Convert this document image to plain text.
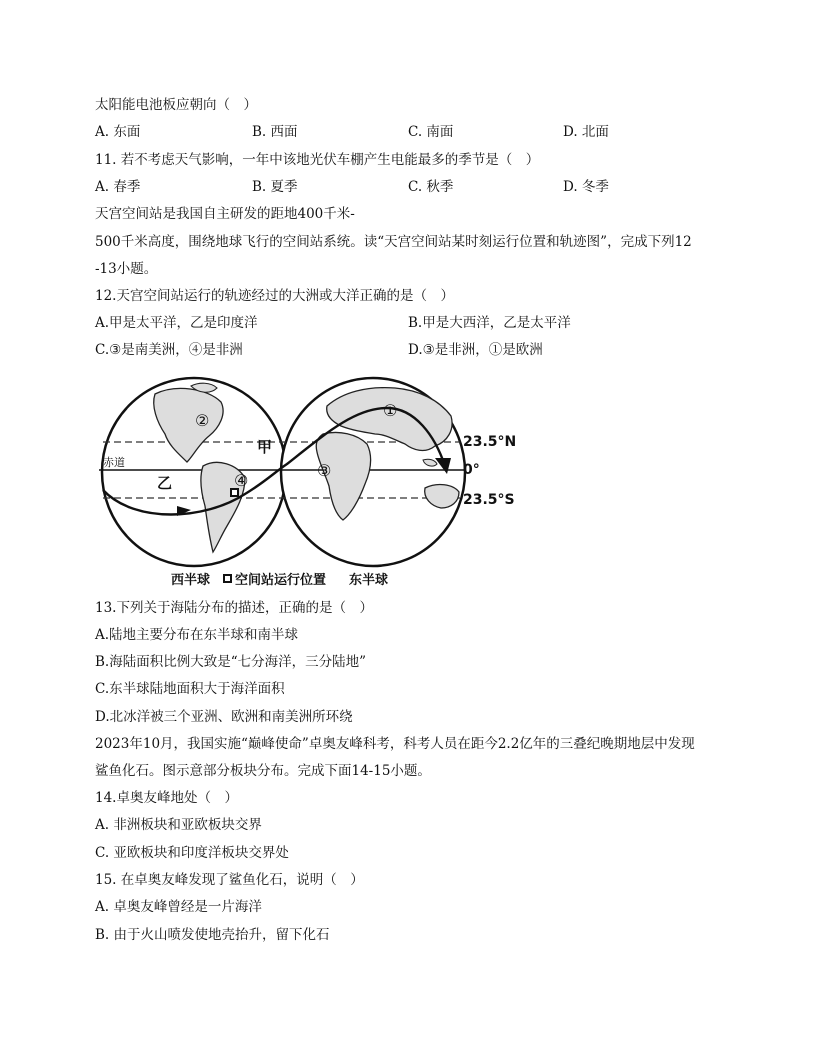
太阳能电池板应朝向（　）
A. 东面	B. 西面	C. 南面	D. 北面
11. 若不考虑天气影响，一年中该地光伏车棚产生电能最多的季节是（　）
A. 春季	B. 夏季	C. 秋季	D. 冬季
天宫空间站是我国自主研发的距地400千米-
500千米高度，围绕地球飞行的空间站系统。读“天宫空间站某时刻运行位置和轨迹图”，完成下列12
-13小题。
12.天宫空间站运行的轨迹经过的大洲或大洋正确的是（　）
A.甲是太平洋，乙是印度洋	B.甲是大西洋，乙是太平洋
C.③是南美洲，④是非洲	D.③是非洲，①是欧洲
赤道
甲
乙
②
④
①
③
23.5°N
0°
23.5°S
西半球 空间站运行位置 东半球
13.下列关于海陆分布的描述，正确的是（　）
A.陆地主要分布在东半球和南半球
B.海陆面积比例大致是“七分海洋，三分陆地”
C.东半球陆地面积大于海洋面积
D.北冰洋被三个亚洲、欧洲和南美洲所环绕
2023年10月，我国实施“巅峰使命”卓奥友峰科考，科考人员在距今2.2亿年的三叠纪晚期地层中发现
鲨鱼化石。图示意部分板块分布。完成下面14-15小题。
14.卓奥友峰地处（　）
A. 非洲板块和亚欧板块交界
C. 亚欧板块和印度洋板块交界处
15. 在卓奥友峰发现了鲨鱼化石，说明（　）
A. 卓奥友峰曾经是一片海洋
B. 由于火山喷发使地壳抬升，留下化石
